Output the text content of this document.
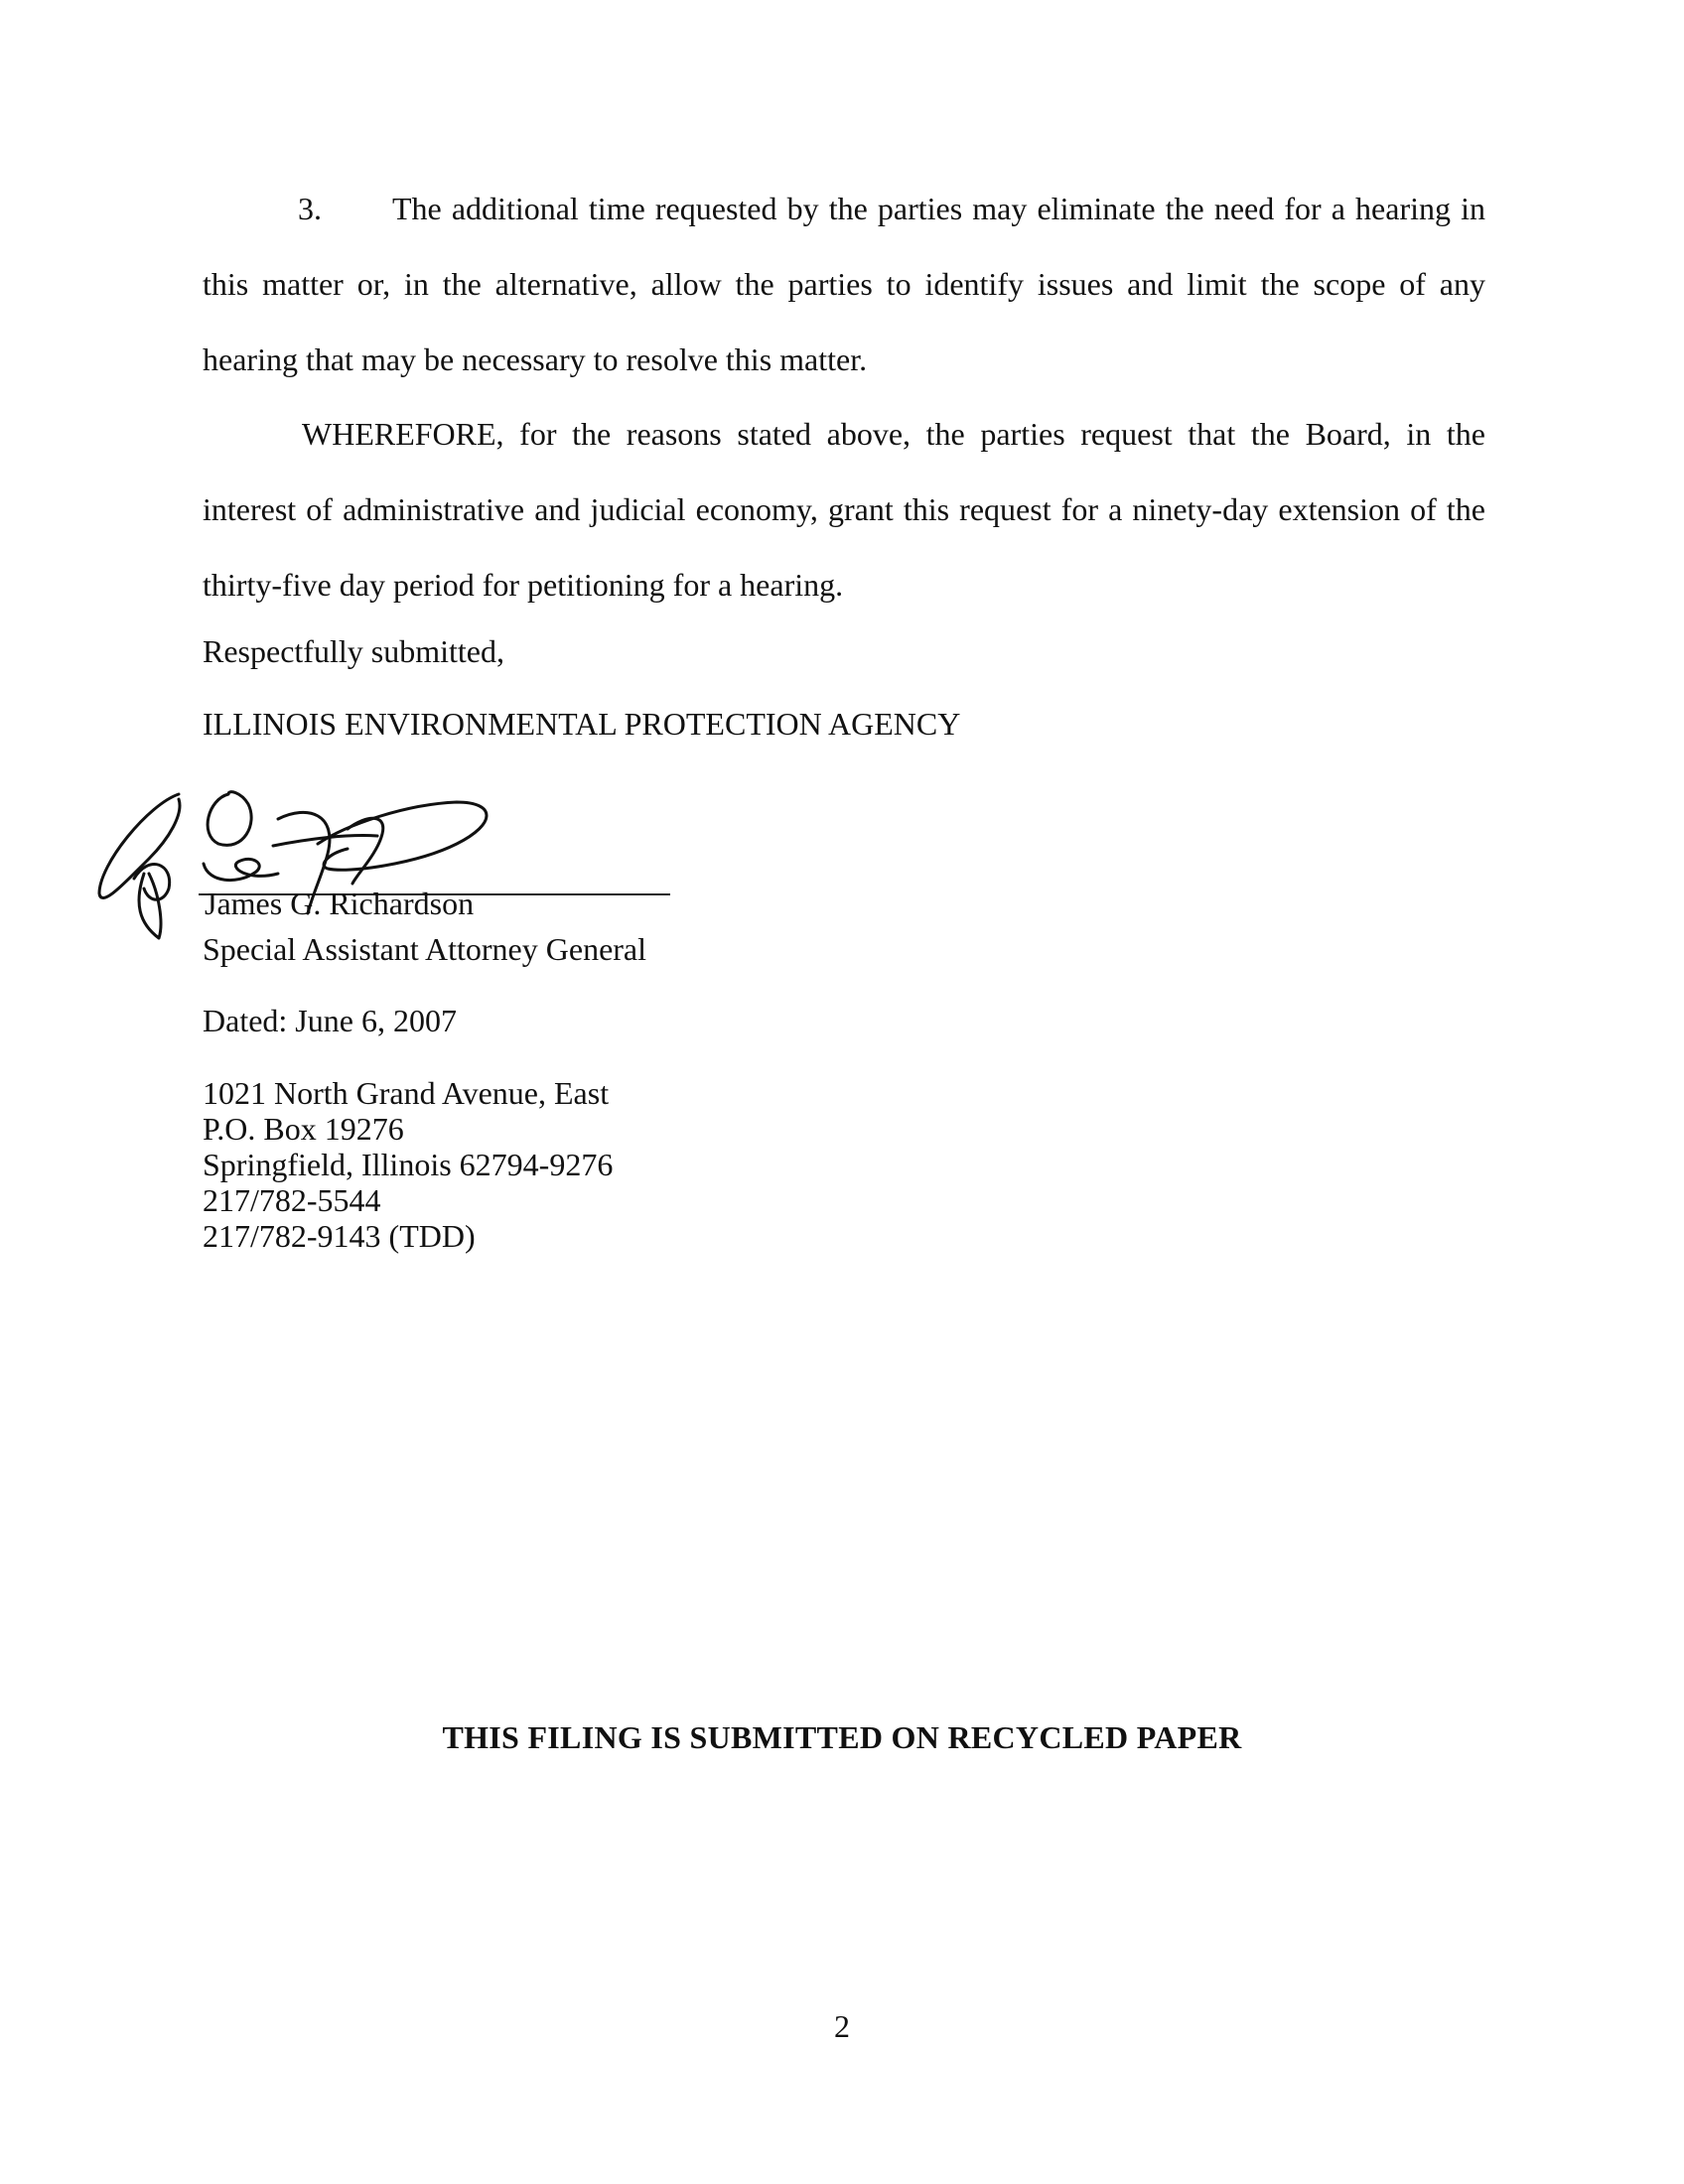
3. The additional time requested by the parties may eliminate the need for a hearing in this matter or, in the alternative, allow the parties to identify issues and limit the scope of any hearing that may be necessary to resolve this matter.

WHEREFORE, for the reasons stated above, the parties request that the Board, in the interest of administrative and judicial economy, grant this request for a ninety-day extension of the thirty-five day period for petitioning for a hearing.

Respectfully submitted,
ILLINOIS ENVIRONMENTAL PROTECTION AGENCY
James G. Richardson
Special Assistant Attorney General
Dated: June 6, 2007
1021 North Grand Avenue, East
P.O. Box 19276
Springfield, Illinois 62794-9276
217/782-5544
217/782-9143 (TDD)
THIS FILING IS SUBMITTED ON RECYCLED PAPER
2
